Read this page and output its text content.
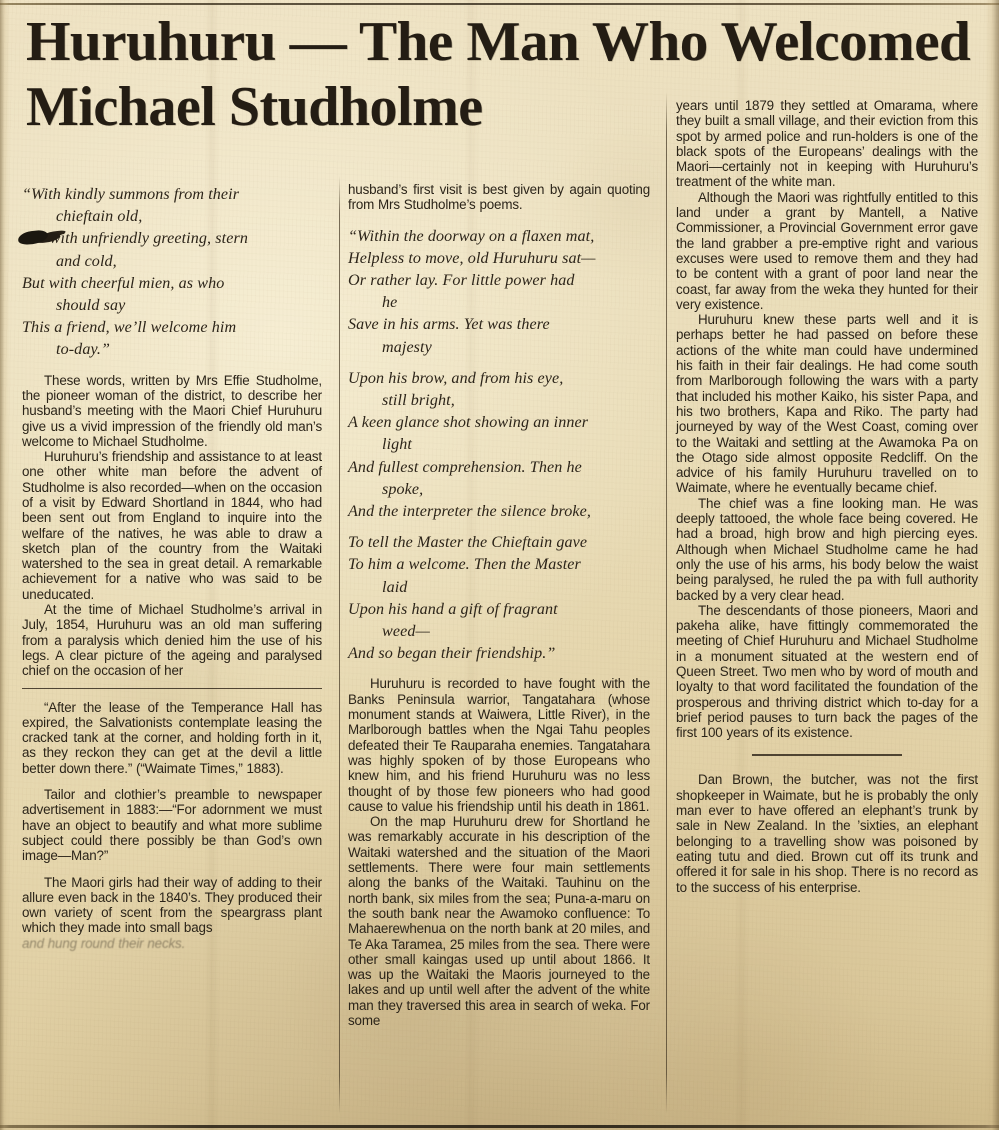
Huruhuru — The Man Who Welcomed
Michael Studholme
“With kindly summons from their
chieftain old,
with unfriendly greeting, stern
and cold,
But with cheerful mien, as who
should say
This a friend, we’ll welcome him
to-day.”

These words, written by Mrs Effie Studholme, the pioneer woman of the district, to describe her husband’s meeting with the Maori Chief Huruhuru give us a vivid impression of the friendly old man’s welcome to Michael Studholme.

Huruhuru’s friendship and assistance to at least one other white man before the advent of Studholme is also recorded—when on the occasion of a visit by Edward Shortland in 1844, who had been sent out from England to inquire into the welfare of the natives, he was able to draw a sketch plan of the country from the Waitaki watershed to the sea in great detail. A remarkable achievement for a native who was said to be uneducated.

At the time of Michael Studholme’s arrival in July, 1854, Huruhuru was an old man suffering from a paralysis which denied him the use of his legs. A clear picture of the ageing and paralysed chief on the occasion of her

“After the lease of the Temperance Hall has expired, the Salvationists contemplate leasing the cracked tank at the corner, and holding forth in it, as they reckon they can get at the devil a little better down there.” (“Waimate Times,” 1883).

Tailor and clothier’s preamble to newspaper advertisement in 1883:—“For adornment we must have an object to beautify and what more sublime subject could there possibly be than God’s own image—Man?”

The Maori girls had their way of adding to their allure even back in the 1840’s. They produced their own variety of scent from the speargrass plant which they made into small bags

and hung round their necks.

husband’s first visit is best given by again quoting from Mrs Studholme’s poems.

“Within the doorway on a flaxen mat,
Helpless to move, old Huruhuru sat—
Or rather lay. For little power had
he
Save in his arms. Yet was there
majesty
Upon his brow, and from his eye,
still bright,
A keen glance shot showing an inner
light
And fullest comprehension. Then he
spoke,
And the interpreter the silence broke,
To tell the Master the Chieftain gave
To him a welcome. Then the Master
laid
Upon his hand a gift of fragrant
weed—
And so began their friendship.”

Huruhuru is recorded to have fought with the Banks Peninsula warrior, Tangatahara (whose monument stands at Waiwera, Little River), in the Marlborough battles when the Ngai Tahu peoples defeated their Te Rauparaha enemies. Tangatahara was highly spoken of by those Europeans who knew him, and his friend Huruhuru was no less thought of by those few pioneers who had good cause to value his friendship until his death in 1861.

On the map Huruhuru drew for Shortland he was remarkably accurate in his description of the Waitaki watershed and the situation of the Maori settlements. There were four main settlements along the banks of the Waitaki. Tauhinu on the north bank, six miles from the sea; Puna-a-maru on the south bank near the Awamoko confluence: To Mahaerewhenua on the north bank at 20 miles, and Te Aka Taramea, 25 miles from the sea. There were other small kaingas used up until about 1866. It was up the Waitaki the Maoris journeyed to the lakes and up until well after the advent of the white man they traversed this area in search of weka. For some

years until 1879 they settled at Omarama, where they built a small village, and their eviction from this spot by armed police and run-holders is one of the black spots of the Europeans’ dealings with the Maori—certainly not in keeping with Huruhuru’s treatment of the white man.

Although the Maori was rightfully entitled to this land under a grant by Mantell, a Native Commissioner, a Provincial Government error gave the land grabber a pre-emptive right and various excuses were used to remove them and they had to be content with a grant of poor land near the coast, far away from the weka they hunted for their very existence.

Huruhuru knew these parts well and it is perhaps better he had passed on before these actions of the white man could have undermined his faith in their fair dealings. He had come south from Marlborough following the wars with a party that included his mother Kaiko, his sister Papa, and his two brothers, Kapa and Riko. The party had journeyed by way of the West Coast, coming over to the Waitaki and settling at the Awamoka Pa on the Otago side almost opposite Redcliff. On the advice of his family Huruhuru travelled on to Waimate, where he eventually became chief.

The chief was a fine looking man. He was deeply tattooed, the whole face being covered. He had a broad, high brow and high piercing eyes. Although when Michael Studholme came he had only the use of his arms, his body below the waist being paralysed, he ruled the pa with full authority backed by a very clear head.

The descendants of those pioneers, Maori and pakeha alike, have fittingly commemorated the meeting of Chief Huruhuru and Michael Studholme in a monument situated at the western end of Queen Street. Two men who by word of mouth and loyalty to that word facilitated the foundation of the prosperous and thriving district which to-day for a brief period pauses to turn back the pages of the first 100 years of its existence.

Dan Brown, the butcher, was not the first shopkeeper in Waimate, but he is probably the only man ever to have offered an elephant’s trunk by sale in New Zealand. In the ’sixties, an elephant belonging to a travelling show was poisoned by eating tutu and died. Brown cut off its trunk and offered it for sale in his shop. There is no record as to the success of his enterprise.
